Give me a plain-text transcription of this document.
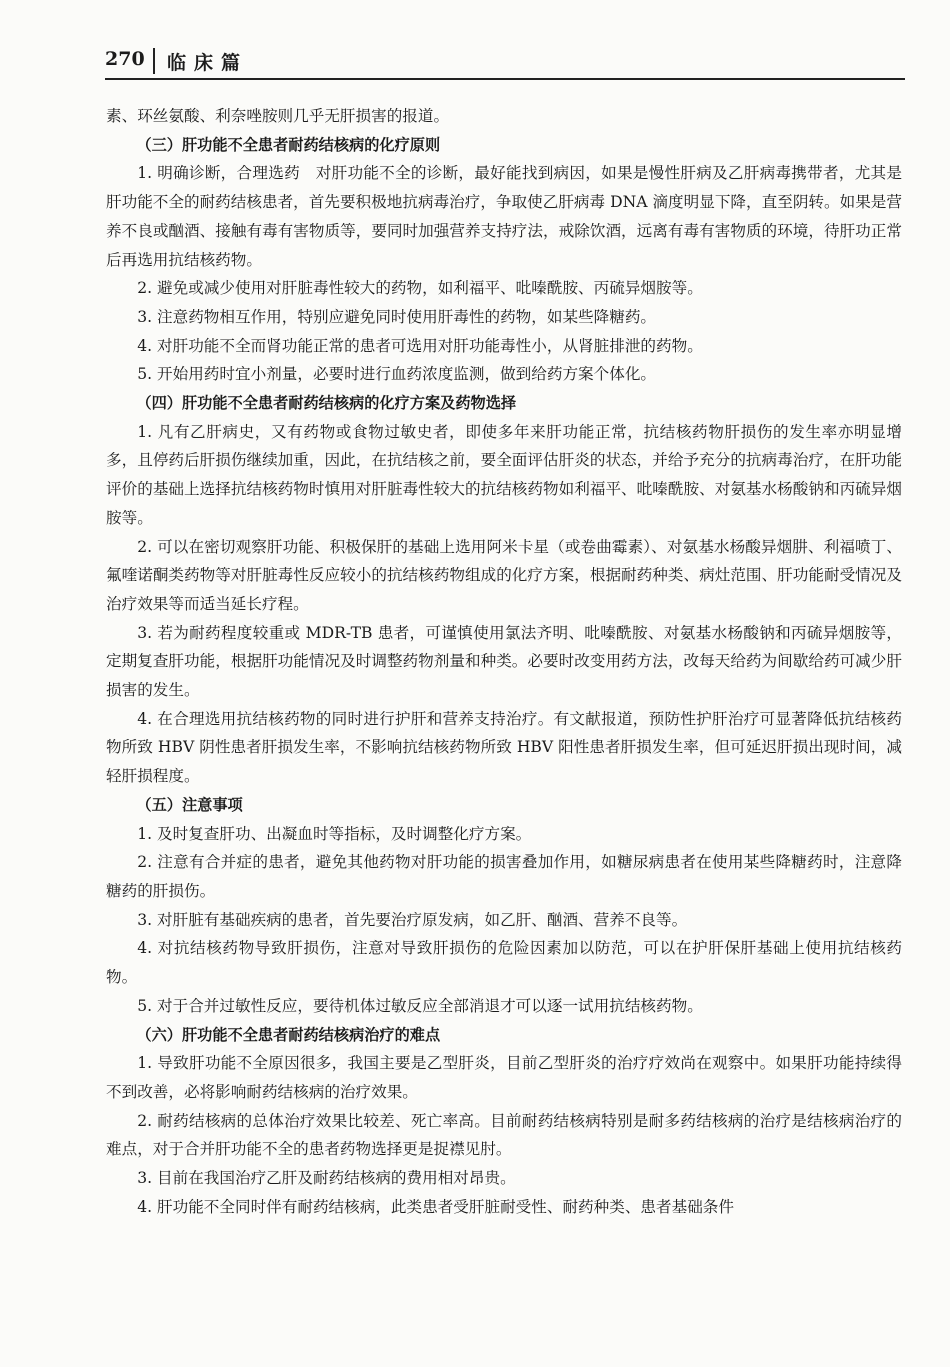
270 临床篇

素、环丝氨酸、利奈唑胺则几乎无肝损害的报道。

（三）肝功能不全患者耐药结核病的化疗原则

1. 明确诊断，合理选药　对肝功能不全的诊断，最好能找到病因，如果是慢性肝病及乙肝病毒携带者，尤其是肝功能不全的耐药结核患者，首先要积极地抗病毒治疗，争取使乙肝病毒 DNA 滴度明显下降，直至阴转。如果是营养不良或酗酒、接触有毒有害物质等，要同时加强营养支持疗法，戒除饮酒，远离有毒有害物质的环境，待肝功正常后再选用抗结核药物。

2. 避免或减少使用对肝脏毒性较大的药物，如利福平、吡嗪酰胺、丙硫异烟胺等。

3. 注意药物相互作用，特别应避免同时使用肝毒性的药物，如某些降糖药。

4. 对肝功能不全而肾功能正常的患者可选用对肝功能毒性小，从肾脏排泄的药物。

5. 开始用药时宜小剂量，必要时进行血药浓度监测，做到给药方案个体化。

（四）肝功能不全患者耐药结核病的化疗方案及药物选择

1. 凡有乙肝病史，又有药物或食物过敏史者，即使多年来肝功能正常，抗结核药物肝损伤的发生率亦明显增多，且停药后肝损伤继续加重，因此，在抗结核之前，要全面评估肝炎的状态，并给予充分的抗病毒治疗，在肝功能评价的基础上选择抗结核药物时慎用对肝脏毒性较大的抗结核药物如利福平、吡嗪酰胺、对氨基水杨酸钠和丙硫异烟胺等。

2. 可以在密切观察肝功能、积极保肝的基础上选用阿米卡星（或卷曲霉素）、对氨基水杨酸异烟肼、利福喷丁、氟喹诺酮类药物等对肝脏毒性反应较小的抗结核药物组成的化疗方案，根据耐药种类、病灶范围、肝功能耐受情况及治疗效果等而适当延长疗程。

3. 若为耐药程度较重或 MDR-TB 患者，可谨慎使用氯法齐明、吡嗪酰胺、对氨基水杨酸钠和丙硫异烟胺等，定期复查肝功能，根据肝功能情况及时调整药物剂量和种类。必要时改变用药方法，改每天给药为间歇给药可减少肝损害的发生。

4. 在合理选用抗结核药物的同时进行护肝和营养支持治疗。有文献报道，预防性护肝治疗可显著降低抗结核药物所致 HBV 阴性患者肝损发生率，不影响抗结核药物所致 HBV 阳性患者肝损发生率，但可延迟肝损出现时间，减轻肝损程度。

（五）注意事项

1. 及时复查肝功、出凝血时等指标，及时调整化疗方案。

2. 注意有合并症的患者，避免其他药物对肝功能的损害叠加作用，如糖尿病患者在使用某些降糖药时，注意降糖药的肝损伤。

3. 对肝脏有基础疾病的患者，首先要治疗原发病，如乙肝、酗酒、营养不良等。

4. 对抗结核药物导致肝损伤，注意对导致肝损伤的危险因素加以防范，可以在护肝保肝基础上使用抗结核药物。

5. 对于合并过敏性反应，要待机体过敏反应全部消退才可以逐一试用抗结核药物。

（六）肝功能不全患者耐药结核病治疗的难点

1. 导致肝功能不全原因很多，我国主要是乙型肝炎，目前乙型肝炎的治疗疗效尚在观察中。如果肝功能持续得不到改善，必将影响耐药结核病的治疗效果。

2. 耐药结核病的总体治疗效果比较差、死亡率高。目前耐药结核病特别是耐多药结核病的治疗是结核病治疗的难点，对于合并肝功能不全的患者药物选择更是捉襟见肘。

3. 目前在我国治疗乙肝及耐药结核病的费用相对昂贵。

4. 肝功能不全同时伴有耐药结核病，此类患者受肝脏耐受性、耐药种类、患者基础条件
